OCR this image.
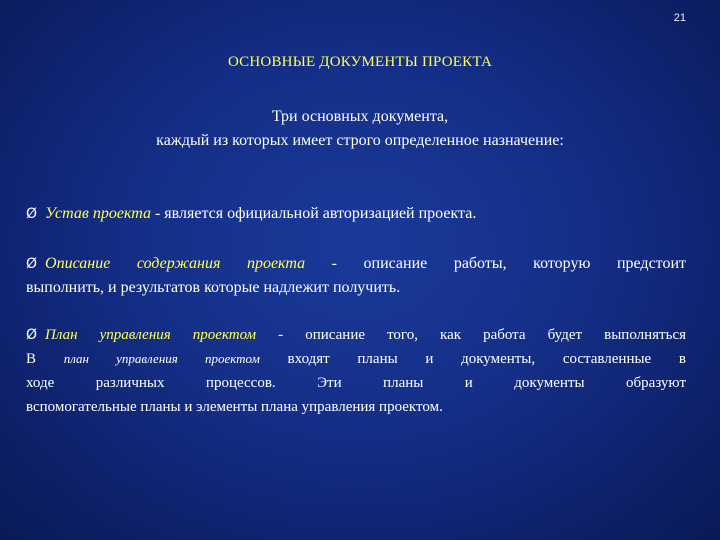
21
ОСНОВНЫЕ ДОКУМЕНТЫ ПРОЕКТА
Три основных документа,
каждый из которых имеет строго определенное назначение:
Ø Устав проекта - является официальной авторизацией проекта.
Ø Описание содержания проекта - описание работы, которую предстоит
выполнить, и результатов которые надлежит получить.
Ø План управления проектом - описание того, как работа будет выполняться
В план управления проектом входят планы и документы, составленные в
ходе различных процессов. Эти планы и документы образуют
вспомогательные планы и элементы плана управления проектом.
